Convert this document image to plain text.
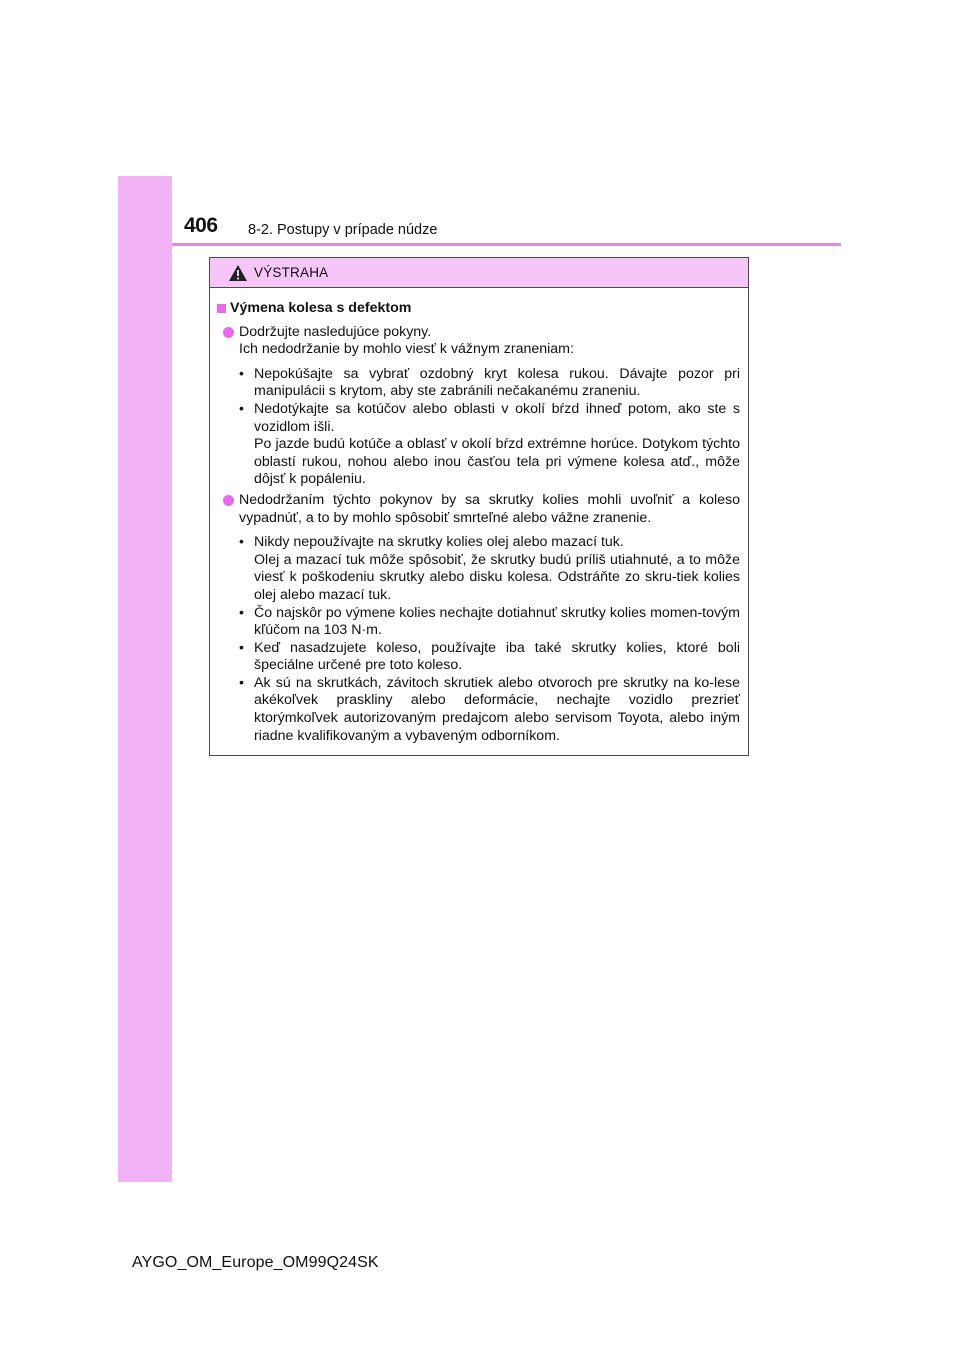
406 8-2. Postupy v prípade núdze
VÝSTRAHA
Výmena kolesa s defektom
Dodržujte nasledujúce pokyny.
Ich nedodržanie by mohlo viesť k vážnym zraneniam:
• Nepokúšajte sa vybrať ozdobný kryt kolesa rukou. Dávajte pozor pri manipulácii s krytom, aby ste zabránili nečakanému zraneniu.

• Nedotýkajte sa kotúčov alebo oblasti v okolí bŕzd ihneď potom, ako ste s vozidlom išli.

Po jazde budú kotúče a oblasť v okolí bŕzd extrémne horúce. Dotykom týchto oblastí rukou, nohou alebo inou časťou tela pri výmene kolesa atď., môže dôjsť k popáleniu.

Nedodržaním týchto pokynov by sa skrutky kolies mohli uvoľniť a koleso vypadnúť, a to by mohlo spôsobiť smrteľné alebo vážne zranenie.

• Nikdy nepoužívajte na skrutky kolies olej alebo mazací tuk.

Olej a mazací tuk môže spôsobiť, že skrutky budú príliš utiahnuté, a to môže viesť k poškodeniu skrutky alebo disku kolesa. Odstráňte zo skru-tiek kolies olej alebo mazací tuk.

• Čo najskôr po výmene kolies nechajte dotiahnuť skrutky kolies momen-tovým kľúčom na 103 N·m.

• Keď nasadzujete koleso, používajte iba také skrutky kolies, ktoré boli špeciálne určené pre toto koleso.

• Ak sú na skrutkách, závitoch skrutiek alebo otvoroch pre skrutky na ko-lese akékoľvek praskliny alebo deformácie, nechajte vozidlo prezrieť ktorýmkoľvek autorizovaným predajcom alebo servisom Toyota, alebo iným riadne kvalifikovaným a vybaveným odborníkom.

AYGO_OM_Europe_OM99Q24SK
